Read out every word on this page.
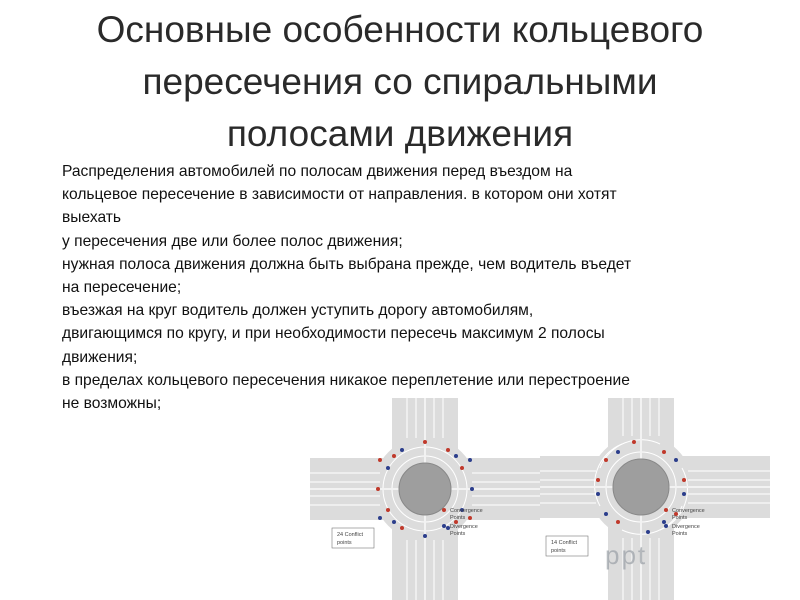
Основные особенности кольцевого
пересечения со спиральными
полосами движения
Распределения автомобилей по полосам движения перед въездом на
кольцевое пересечение в зависимости от направления. в котором они хотят
выехать
у пересечения две или более полос движения;
нужная полоса движения должна быть выбрана прежде, чем водитель въедет
на пересечение;
въезжая на круг водитель должен уступить дорогу автомобилям,
двигающимся по кругу, и при необходимости пересечь максимум 2 полосы
движения;
в пределах кольцевого пересечения никакое переплетение или перестроение
не возможны;
24 Conflict
points
Convergence
Points
Divergence
Points
14 Conflict
points
Convergence
Points
Divergence
Points
ppt
